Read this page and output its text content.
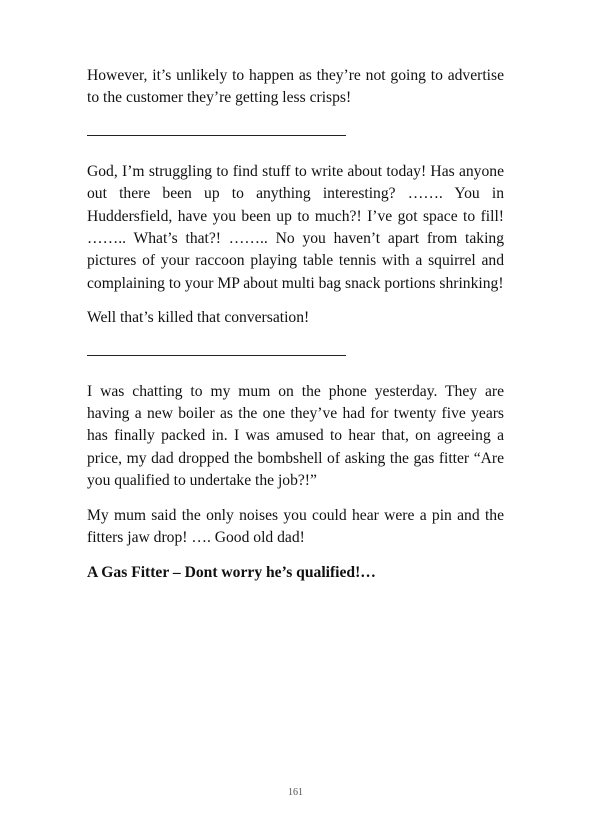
However, it’s unlikely to happen as they’re not going to advertise to the customer they’re getting less crisps!

God, I’m struggling to find stuff to write about today! Has anyone out there been up to anything interesting? ……. You in Huddersfield, have you been up to much?! I’ve got space to fill! …….. What’s that?! …….. No you haven’t apart from taking pictures of your raccoon playing table tennis with a squirrel and complaining to your MP about multi bag snack portions shrinking!

Well that’s killed that conversation!

I was chatting to my mum on the phone yesterday. They are having a new boiler as the one they’ve had for twenty five years has finally packed in. I was amused to hear that, on agreeing a price, my dad dropped the bombshell of asking the gas fitter “Are you qualified to undertake the job?!”

My mum said the only noises you could hear were a pin and the fitters jaw drop! …. Good old dad!

A Gas Fitter – Dont worry he’s qualified!…

161
